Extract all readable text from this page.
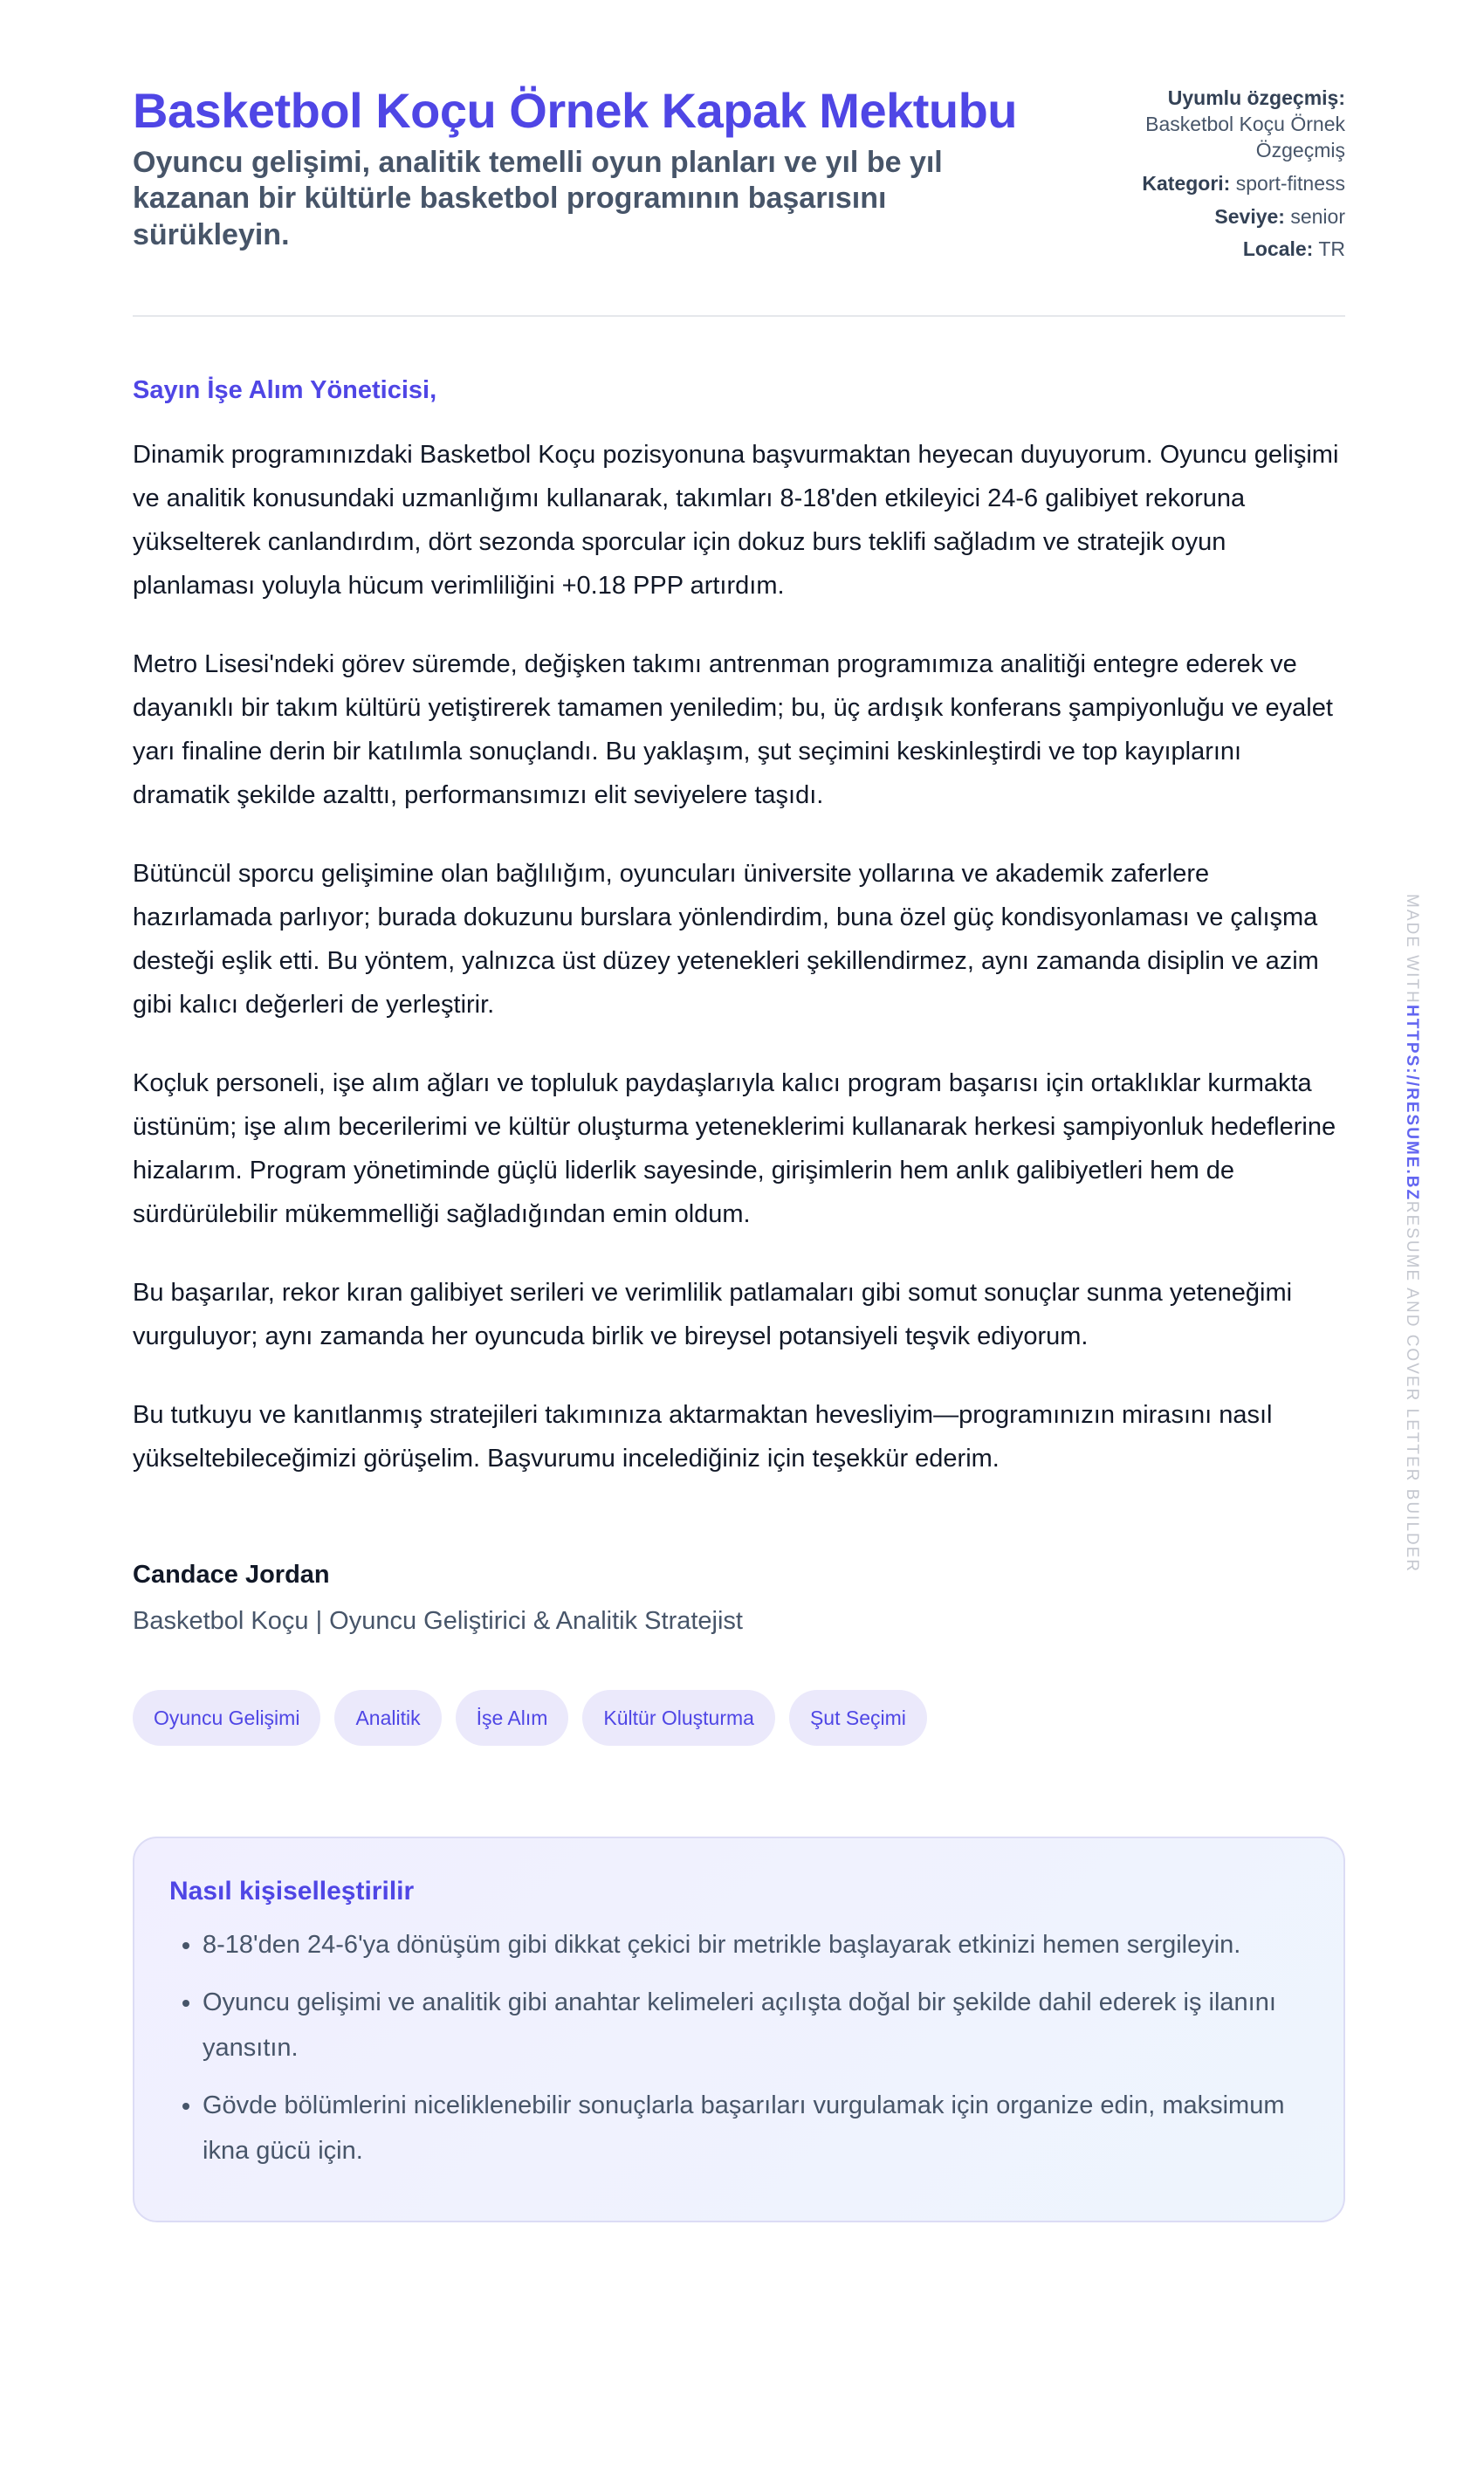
Basketbol Koçu Örnek Kapak Mektubu
Oyuncu gelişimi, analitik temelli oyun planları ve yıl be yıl kazanan bir kültürle basketbol programının başarısını sürükleyin.
Uyumlu özgeçmiş:
Basketbol Koçu Örnek Özgeçmiş
Kategori: sport-fitness
Seviye: senior
Locale: TR
Sayın İşe Alım Yöneticisi,

Dinamik programınızdaki Basketbol Koçu pozisyonuna başvurmaktan heyecan duyuyorum. Oyuncu gelişimi ve analitik konusundaki uzmanlığımı kullanarak, takımları 8-18'den etkileyici 24-6 galibiyet rekoruna yükselterek canlandırdım, dört sezonda sporcular için dokuz burs teklifi sağladım ve stratejik oyun planlaması yoluyla hücum verimliliğini +0.18 PPP artırdım.

Metro Lisesi'ndeki görev süremde, değişken takımı antrenman programımıza analitiği entegre ederek ve dayanıklı bir takım kültürü yetiştirerek tamamen yeniledim; bu, üç ardışık konferans şampiyonluğu ve eyalet yarı finaline derin bir katılımla sonuçlandı. Bu yaklaşım, şut seçimini keskinleştirdi ve top kayıplarını dramatik şekilde azalttı, performansımızı elit seviyelere taşıdı.

Bütüncül sporcu gelişimine olan bağlılığım, oyuncuları üniversite yollarına ve akademik zaferlere hazırlamada parlıyor; burada dokuzunu burslara yönlendirdim, buna özel güç kondisyonlaması ve çalışma desteği eşlik etti. Bu yöntem, yalnızca üst düzey yetenekleri şekillendirmez, aynı zamanda disiplin ve azim gibi kalıcı değerleri de yerleştirir.

Koçluk personeli, işe alım ağları ve topluluk paydaşlarıyla kalıcı program başarısı için ortaklıklar kurmakta üstünüm; işe alım becerilerimi ve kültür oluşturma yeteneklerimi kullanarak herkesi şampiyonluk hedeflerine hizalarım. Program yönetiminde güçlü liderlik sayesinde, girişimlerin hem anlık galibiyetleri hem de sürdürülebilir mükemmelliği sağladığından emin oldum.

Bu başarılar, rekor kıran galibiyet serileri ve verimlilik patlamaları gibi somut sonuçlar sunma yeteneğimi vurguluyor; aynı zamanda her oyuncuda birlik ve bireysel potansiyeli teşvik ediyorum.

Bu tutkuyu ve kanıtlanmış stratejileri takımınıza aktarmaktan hevesliyim—programınızın mirasını nasıl yükseltebileceğimizi görüşelim. Başvurumu incelediğiniz için teşekkür ederim.

Candace Jordan
Basketbol Koçu | Oyuncu Geliştirici & Analitik Stratejist
Oyuncu Gelişimi	Analitik	İşe Alım	Kültür Oluşturma	Şut Seçimi
Nasıl kişiselleştirilir
• 8-18'den 24-6'ya dönüşüm gibi dikkat çekici bir metrikle başlayarak etkinizi hemen sergileyin.
• Oyuncu gelişimi ve analitik gibi anahtar kelimeleri açılışta doğal bir şekilde dahil ederek iş ilanını yansıtın.
• Gövde bölümlerini niceliklenebilir sonuçlarla başarıları vurgulamak için organize edin, maksimum ikna gücü için.
MADE WITHHTTPS://RESUME.BZRESUME AND COVER LETTER BUILDER
